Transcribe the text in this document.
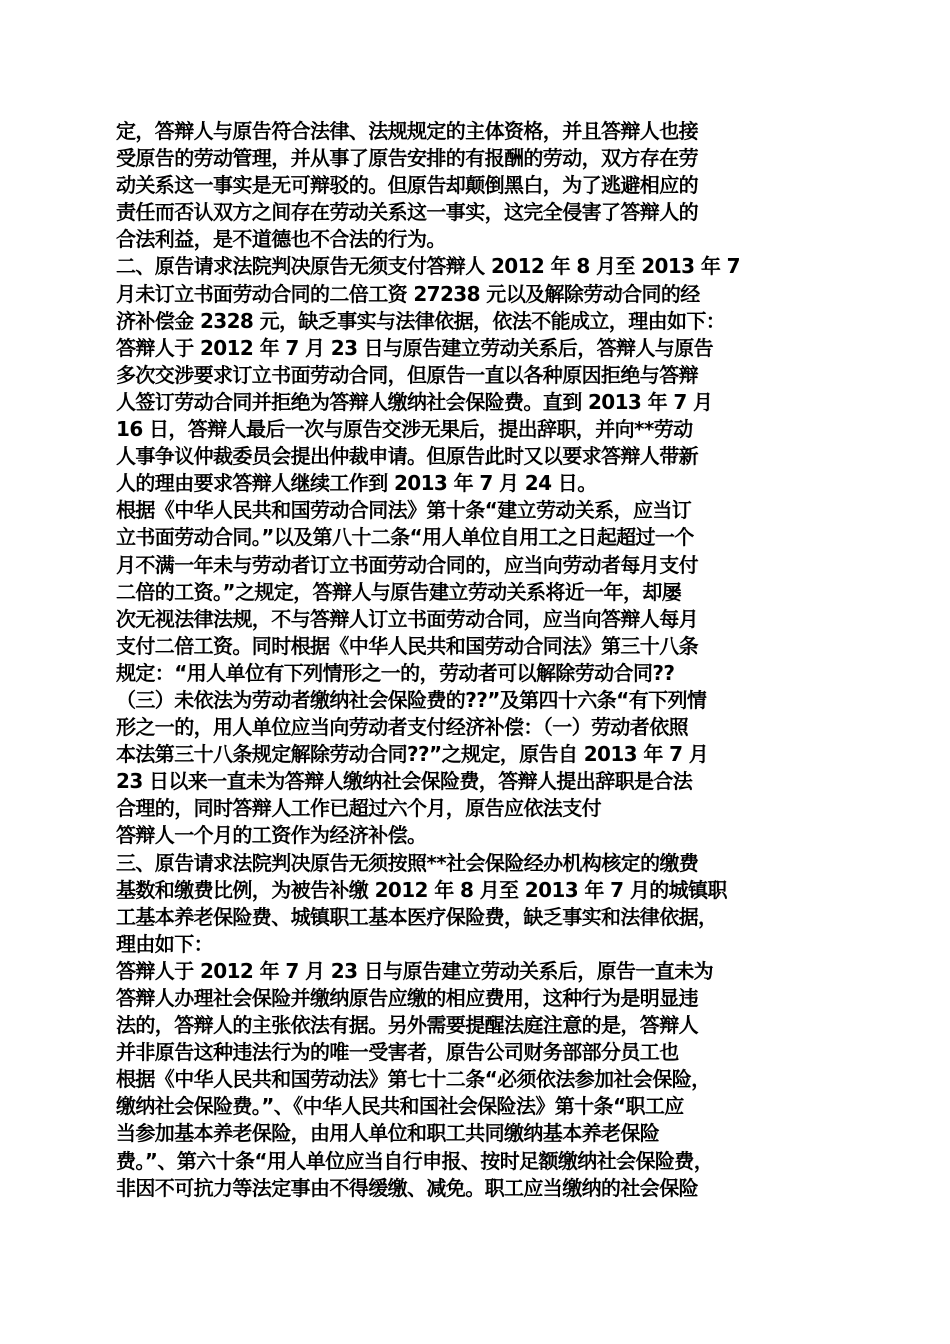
定，答辩人与原告符合法律、法规规定的主体资格，并且答辩人也接
受原告的劳动管理，并从事了原告安排的有报酬的劳动，双方存在劳
动关系这一事实是无可辩驳的。但原告却颠倒黑白，为了逃避相应的
责任而否认双方之间存在劳动关系这一事实，这完全侵害了答辩人的
合法利益，是不道德也不合法的行为。
二、原告请求法院判决原告无须支付答辩人 2012 年 8 月至 2013 年 7
月未订立书面劳动合同的二倍工资 27238 元以及解除劳动合同的经
济补偿金 2328 元，缺乏事实与法律依据，依法不能成立，理由如下：
答辩人于 2012 年 7 月 23 日与原告建立劳动关系后，答辩人与原告
多次交涉要求订立书面劳动合同，但原告一直以各种原因拒绝与答辩
人签订劳动合同并拒绝为答辩人缴纳社会保险费。直到 2013 年 7 月
16 日，答辩人最后一次与原告交涉无果后，提出辞职，并向**劳动
人事争议仲裁委员会提出仲裁申请。但原告此时又以要求答辩人带新
人的理由要求答辩人继续工作到 2013 年 7 月 24 日。
根据《中华人民共和国劳动合同法》第十条“建立劳动关系，应当订
立书面劳动合同。”以及第八十二条“用人单位自用工之日起超过一个
月不满一年未与劳动者订立书面劳动合同的，应当向劳动者每月支付
二倍的工资。”之规定，答辩人与原告建立劳动关系将近一年，却屡
次无视法律法规，不与答辩人订立书面劳动合同，应当向答辩人每月
支付二倍工资。同时根据《中华人民共和国劳动合同法》第三十八条
规定：“用人单位有下列情形之一的，劳动者可以解除劳动合同??
（三）未依法为劳动者缴纳社会保险费的??”及第四十六条“有下列情
形之一的，用人单位应当向劳动者支付经济补偿：（一）劳动者依照
本法第三十八条规定解除劳动合同??”之规定，原告自 2013 年 7 月
23 日以来一直未为答辩人缴纳社会保险费，答辩人提出辞职是合法
合理的，同时答辩人工作已超过六个月，原告应依法支付
答辩人一个月的工资作为经济补偿。
三、原告请求法院判决原告无须按照**社会保险经办机构核定的缴费
基数和缴费比例，为被告补缴 2012 年 8 月至 2013 年 7 月的城镇职
工基本养老保险费、城镇职工基本医疗保险费，缺乏事实和法律依据，
理由如下：
答辩人于 2012 年 7 月 23 日与原告建立劳动关系后，原告一直未为
答辩人办理社会保险并缴纳原告应缴的相应费用，这种行为是明显违
法的，答辩人的主张依法有据。另外需要提醒法庭注意的是，答辩人
并非原告这种违法行为的唯一受害者，原告公司财务部部分员工也
根据《中华人民共和国劳动法》第七十二条“必须依法参加社会保险，
缴纳社会保险费。”、《中华人民共和国社会保险法》第十条“职工应
当参加基本养老保险，由用人单位和职工共同缴纳基本养老保险
费。”、第六十条“用人单位应当自行申报、按时足额缴纳社会保险费，
非因不可抗力等法定事由不得缓缴、减免。职工应当缴纳的社会保险
